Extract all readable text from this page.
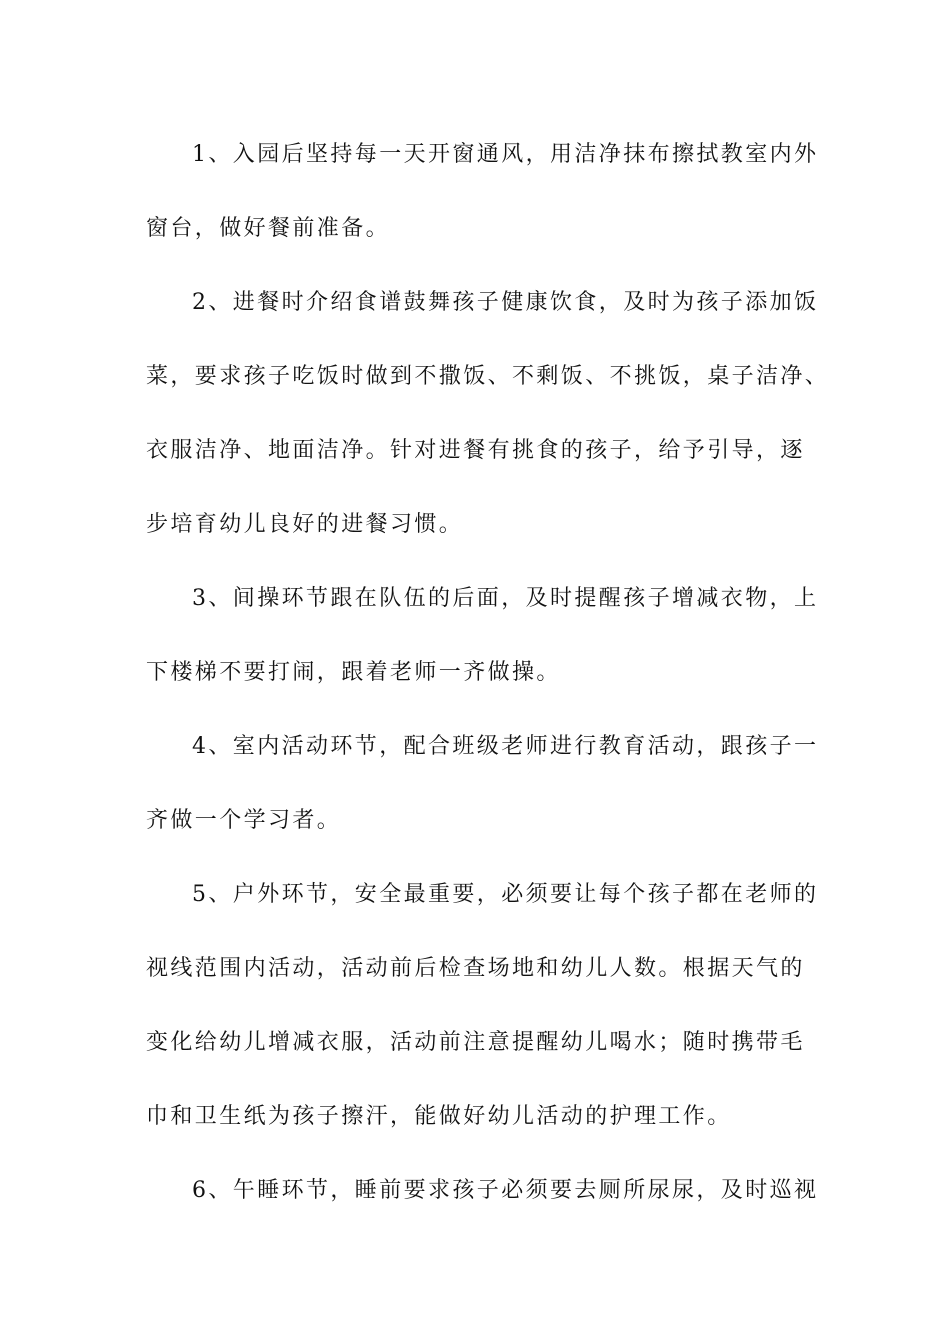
1、入园后坚持每一天开窗通风，用洁净抹布擦拭教室内外
窗台，做好餐前准备。
2、进餐时介绍食谱鼓舞孩子健康饮食，及时为孩子添加饭
菜，要求孩子吃饭时做到不撒饭、不剩饭、不挑饭，桌子洁净、
衣服洁净、地面洁净。针对进餐有挑食的孩子，给予引导，逐
步培育幼儿良好的进餐习惯。
3、间操环节跟在队伍的后面，及时提醒孩子增减衣物，上
下楼梯不要打闹，跟着老师一齐做操。
4、室内活动环节，配合班级老师进行教育活动，跟孩子一
齐做一个学习者。
5、户外环节，安全最重要，必须要让每个孩子都在老师的
视线范围内活动，活动前后检查场地和幼儿人数。根据天气的
变化给幼儿增减衣服，活动前注意提醒幼儿喝水；随时携带毛
巾和卫生纸为孩子擦汗，能做好幼儿活动的护理工作。
6、午睡环节，睡前要求孩子必须要去厕所尿尿，及时巡视
